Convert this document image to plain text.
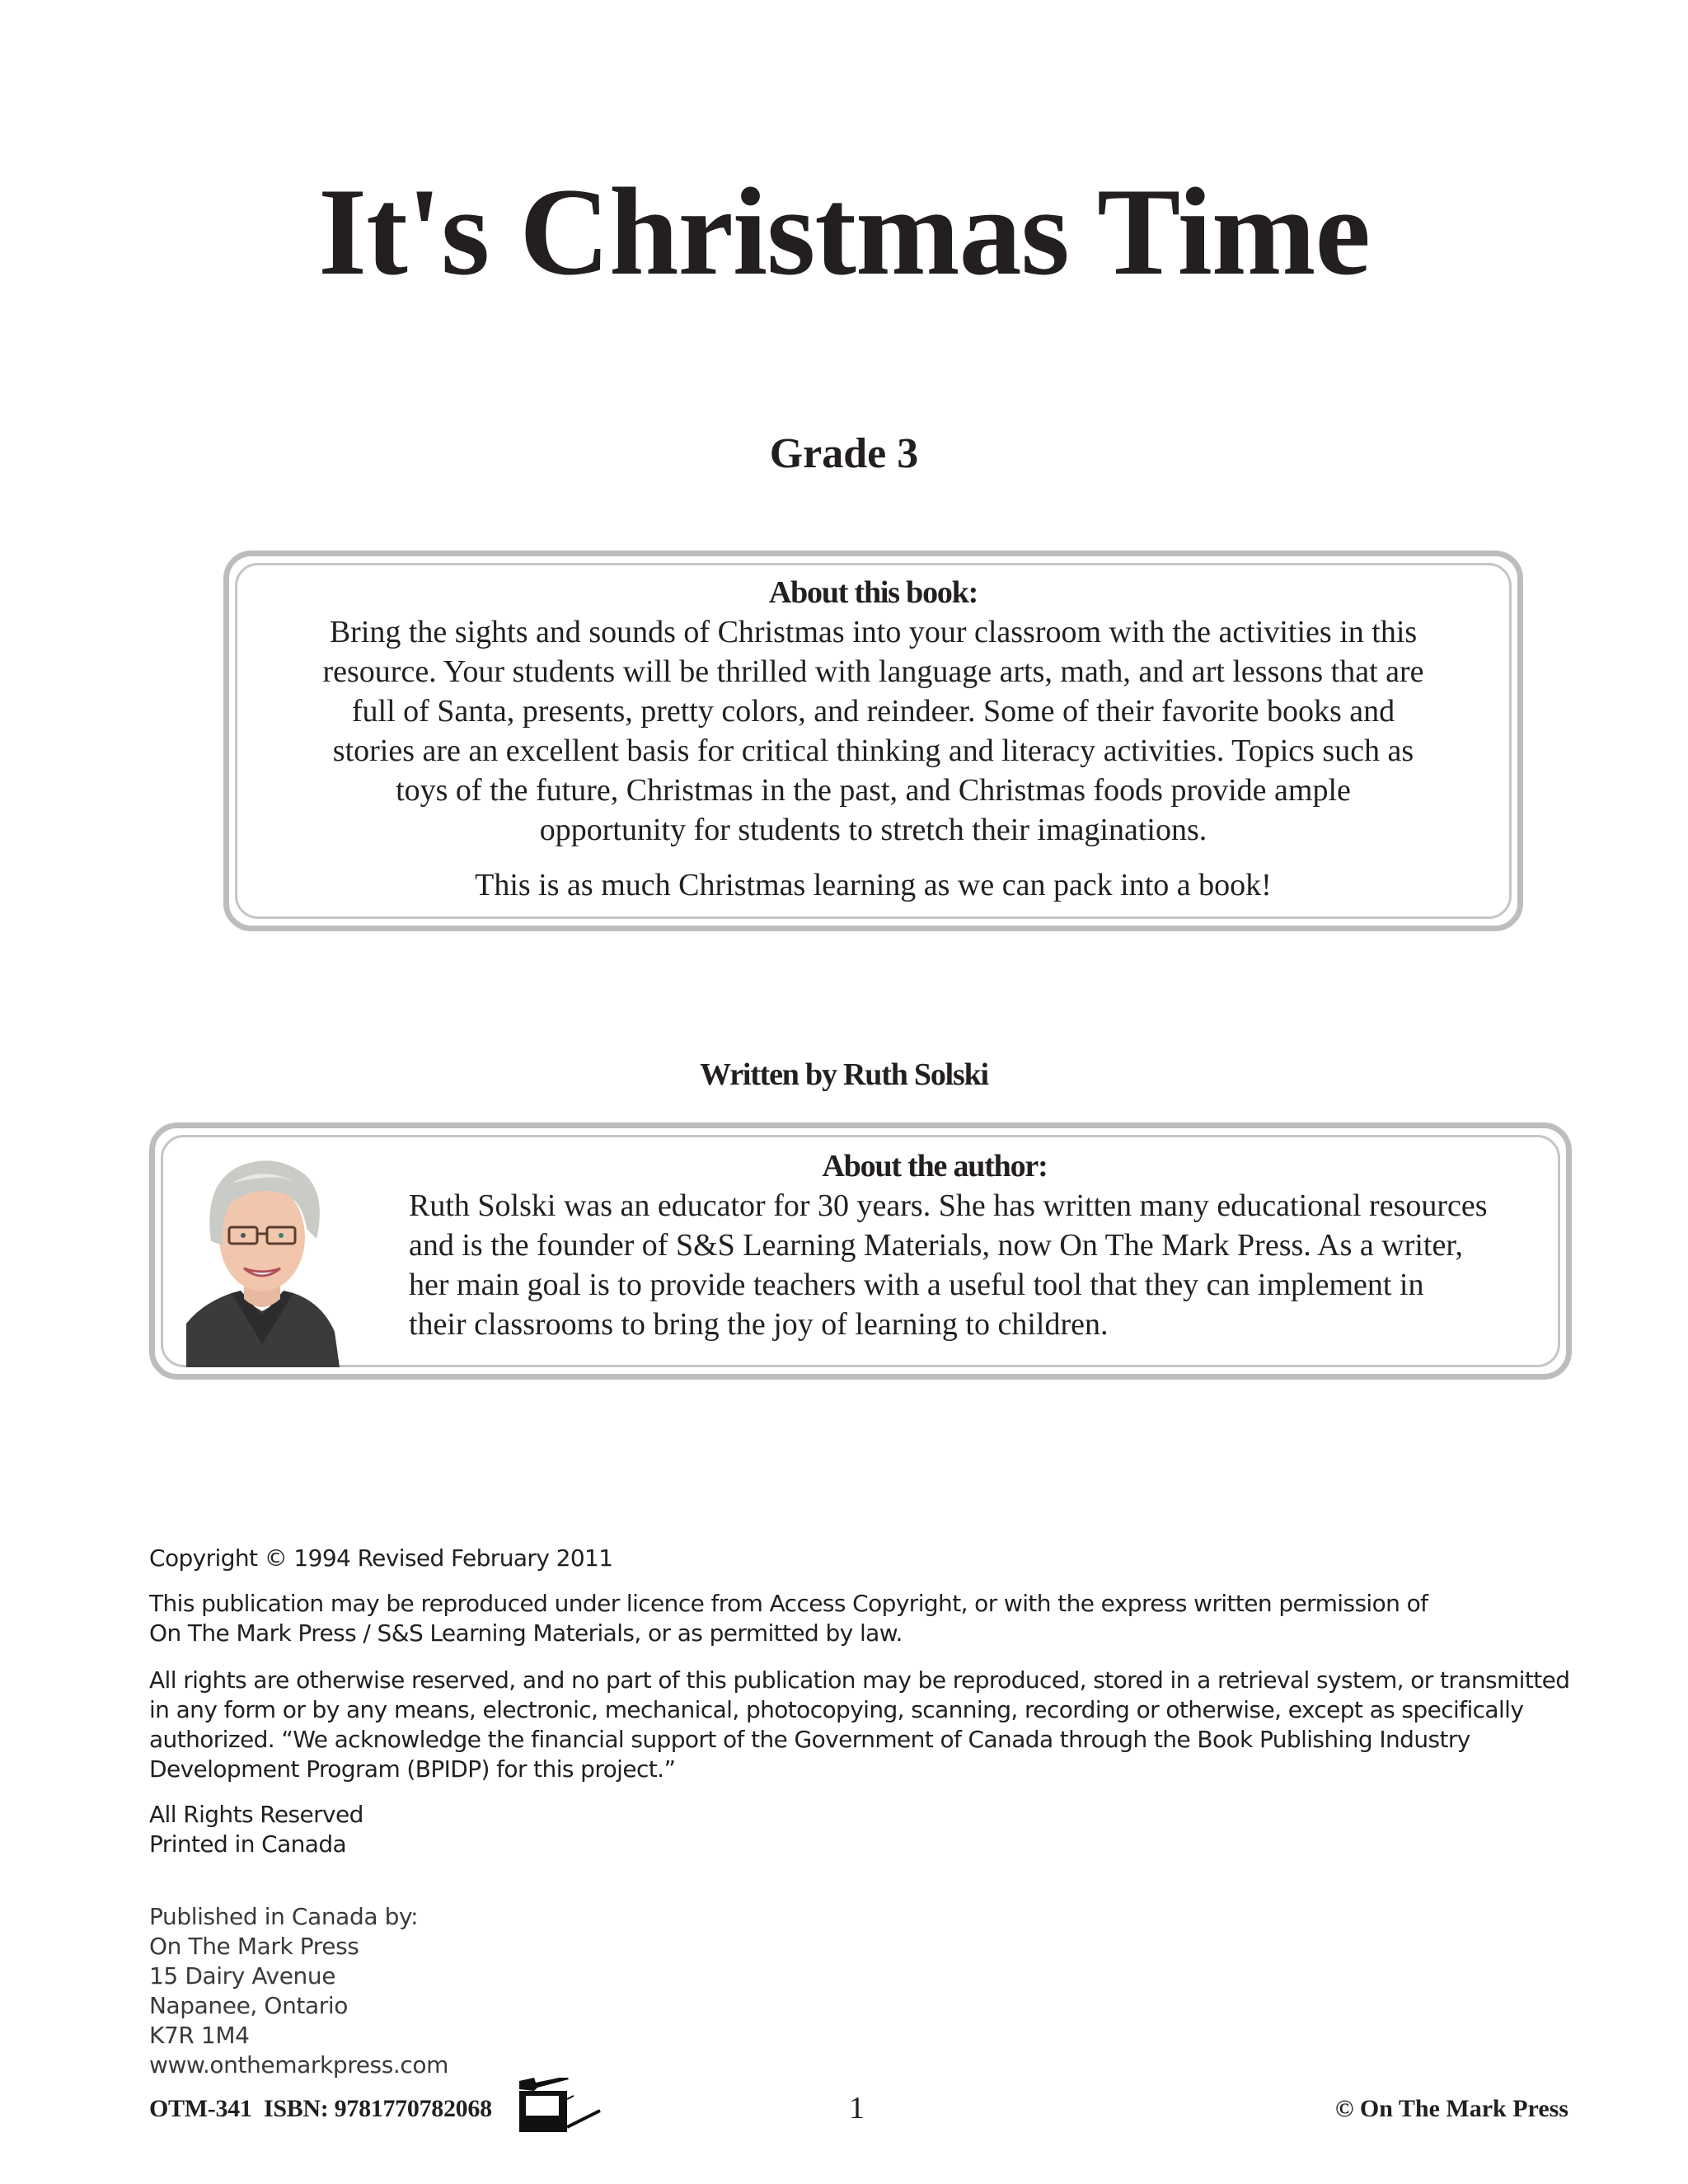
It's Christmas Time
Grade 3

About this book:

Bring the sights and sounds of Christmas into your classroom with the activities in this
resource. Your students will be thrilled with language arts, math, and art lessons that are
full of Santa, presents, pretty colors, and reindeer. Some of their favorite books and
stories are an excellent basis for critical thinking and literacy activities. Topics such as
toys of the future, Christmas in the past, and Christmas foods provide ample
opportunity for students to stretch their imaginations.

This is as much Christmas learning as we can pack into a book!

Written by Ruth Solski

About the author:

Ruth Solski was an educator for 30 years. She has written many educational resources
and is the founder of S&S Learning Materials, now On The Mark Press. As a writer,
her main goal is to provide teachers with a useful tool that they can implement in
their classrooms to bring the joy of learning to children.

Copyright © 1994 Revised February 2011

This publication may be reproduced under licence from Access Copyright, or with the express written permission of

On The Mark Press / S&S Learning Materials, or as permitted by law.

All rights are otherwise reserved, and no part of this publication may be reproduced, stored in a retrieval system, or transmitted

in any form or by any means, electronic, mechanical, photocopying, scanning, recording or otherwise, except as specifically

authorized. “We acknowledge the financial support of the Government of Canada through the Book Publishing Industry

Development Program (BPIDP) for this project.”

All Rights Reserved

Printed in Canada

Published in Canada by:

On The Mark Press

15 Dairy Avenue

Napanee, Ontario

K7R 1M4

www.onthemarkpress.com

OTM-341  ISBN: 9781770782068	1	© On The Mark Press
